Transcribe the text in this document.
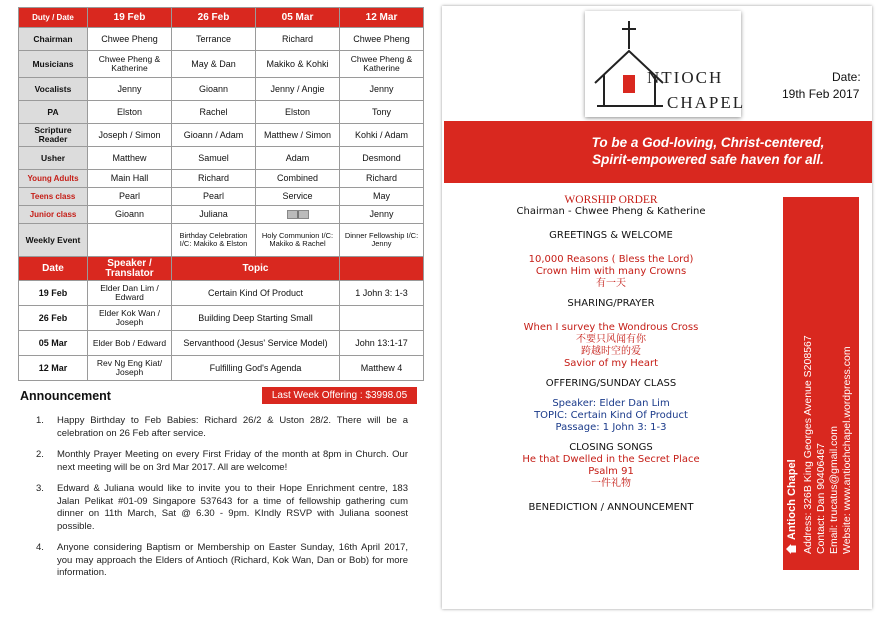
Duty / Date	19 Feb	26 Feb	05 Mar	12 Mar
Chairman	Chwee Pheng	Terrance	Richard	Chwee Pheng
Musicians	Chwee Pheng & Katherine	May & Dan	Makiko & Kohki	Chwee Pheng & Katherine
Vocalists	Jenny	Gioann	Jenny / Angie	Jenny
PA	Elston	Rachel	Elston	Tony
Scripture Reader	Joseph / Simon	Gioann / Adam	Matthew / Simon	Kohki / Adam
Usher	Matthew	Samuel	Adam	Desmond
Young Adults	Main Hall	Richard	Combined	Richard
Teens class	Pearl	Pearl	Service	May
Junior class	Gioann	Juliana		Jenny
Weekly Event		Birthday Celebration I/C: Makiko & Elston	Holy Communion I/C: Makiko & Rachel	Dinner Fellowship I/C: Jenny
Date	Speaker / Translator	Topic		
19 Feb	Elder Dan Lim / Edward	Certain Kind Of Product		1 John 3: 1-3
26 Feb	Elder Kok Wan / Joseph	Building Deep Starting Small		
05 Mar	Elder Bob / Edward	Servanthood (Jesus' Service Model)		John 13:1-17
12 Mar	Rev Ng Eng Kiat/ Joseph	Fulfilling God's Agenda		Matthew 4
Announcement	Last Week Offering : $3998.05
1.	Happy Birthday to Feb Babies: Richard 26/2 & Uston 28/2. There will be a celebration on 26 Feb after service.
2.	Monthly Prayer Meeting on every First Friday of the month at 8pm in Church. Our next meeting will be on 3rd Mar 2017. All are welcome!
3.	Edward & Juliana would like to invite you to their Hope Enrichment centre, 183 Jalan Pelikat #01-09 Singapore 537643 for a time of fellowship gathering cum dinner on 11th March, Sat @ 6.30 - 9pm. KIndly RSVP with Juliana soonest possible.
4.	Anyone considering Baptism or Membership on Easter Sunday, 16th April 2017, you may approach the Elders of Antioch (Richard, Kok Wan, Dan or Bob) for more information.
NTIOCH
CHAPEL
Date:
19th Feb 2017
To be a God-loving, Christ-centered,
Spirit-empowered safe haven for all.
WORSHIP ORDER
Chairman - Chwee Pheng & Katherine
GREETINGS & WELCOME
10,000 Reasons ( Bless the Lord)
Crown Him with many Crowns
有一天
SHARING/PRAYER
When I survey the Wondrous Cross
不要只风闻有你
跨越时空的爱
Savior of my Heart
OFFERING/SUNDAY CLASS
Speaker: Elder Dan Lim
TOPIC: Certain Kind Of Product
Passage: 1 John 3: 1-3
CLOSING SONGS
He that Dwelled in the Secret Place
Psalm 91
一件礼物
BENEDICTION / ANNOUNCEMENT	Antioch Chapel Address: 326B King Georges Avenue S208567 Contact: Dan 90406467 Email: trucatus@gmail.com Website: www.antiochchapel.wordpress.com
